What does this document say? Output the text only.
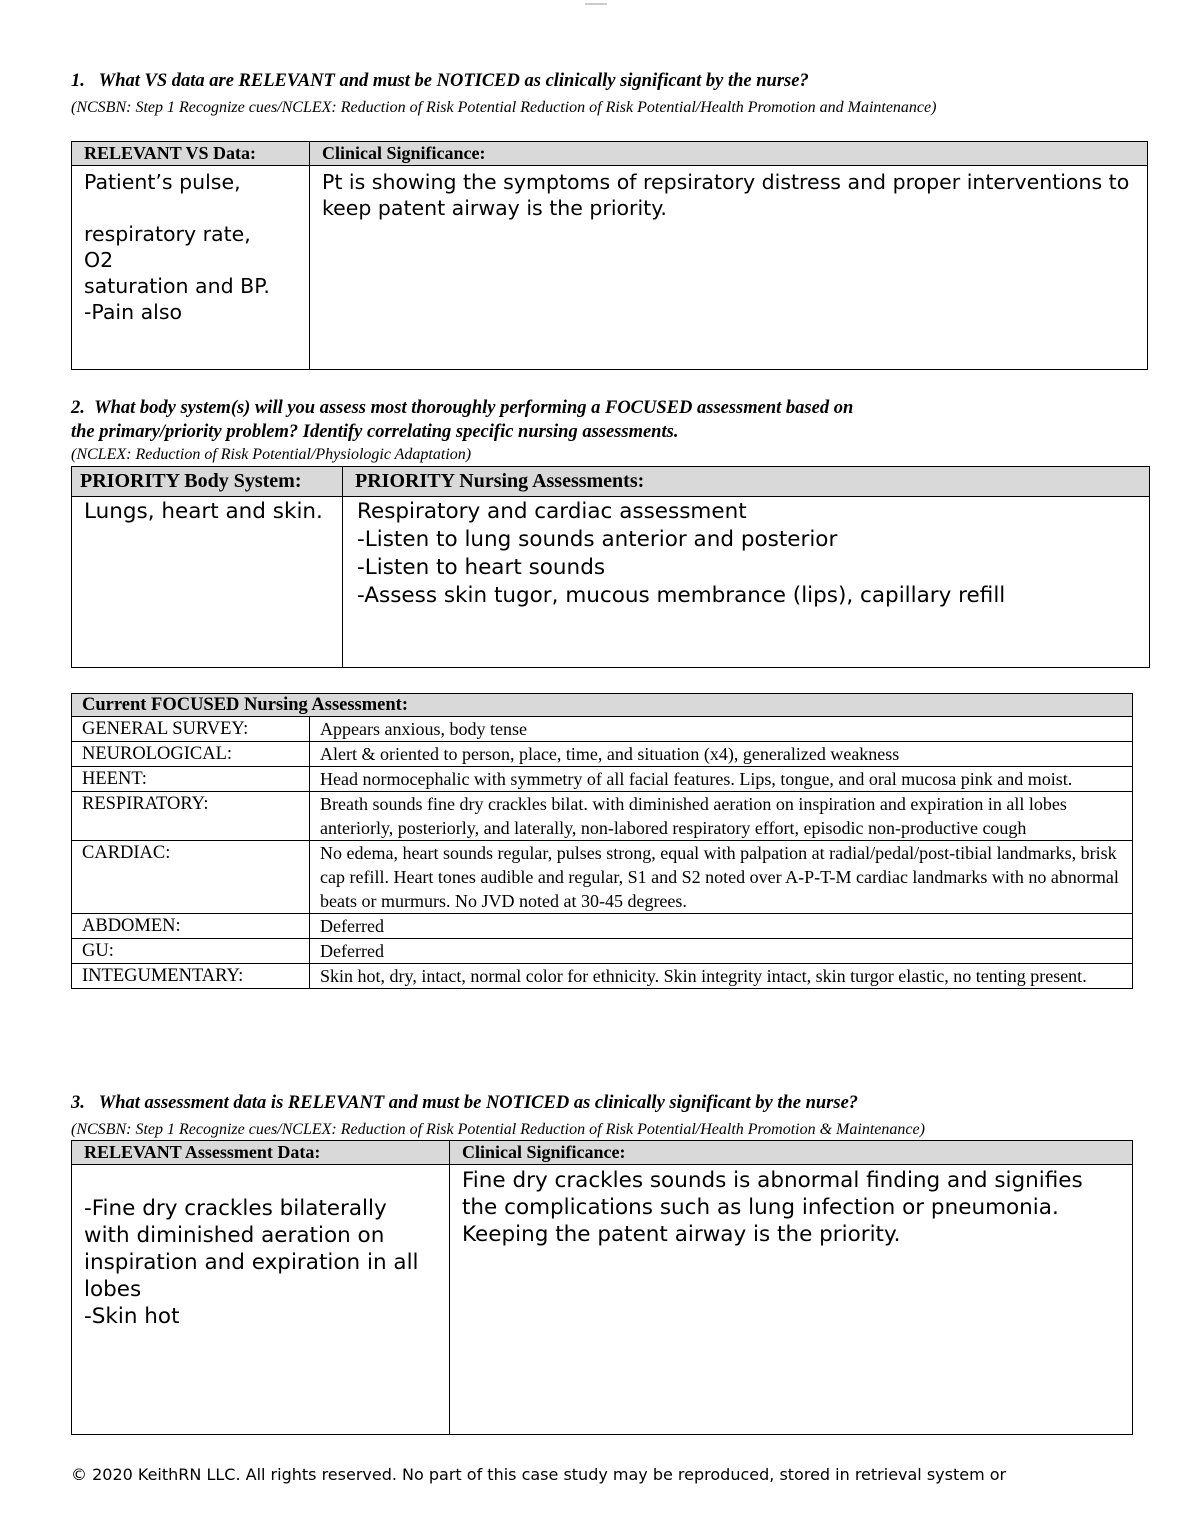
1.   What VS data are RELEVANT and must be NOTICED as clinically significant by the nurse?
(NCSBN: Step 1 Recognize cues/NCLEX: Reduction of Risk Potential Reduction of Risk Potential/Health Promotion and Maintenance)
RELEVANT VS Data:	Clinical Significance:
Patient’s pulse,

respiratory rate,
O2
saturation and BP.
-Pain also	Pt is showing the symptoms of repsiratory distress and proper interventions to
keep patent airway is the priority.
2.  What body system(s) will you assess most thoroughly performing a FOCUSED assessment based on
the primary/priority problem? Identify correlating specific nursing assessments.
(NCLEX: Reduction of Risk Potential/Physiologic Adaptation)
PRIORITY Body System:	PRIORITY Nursing Assessments:
Lungs, heart and skin.	Respiratory and cardiac assessment
-Listen to lung sounds anterior and posterior
-Listen to heart sounds
-Assess skin tugor, mucous membrance (lips), capillary refill
Current FOCUSED Nursing Assessment:	
GENERAL SURVEY:	Appears anxious, body tense
NEUROLOGICAL:	Alert & oriented to person, place, time, and situation (x4), generalized weakness
HEENT:	Head normocephalic with symmetry of all facial features. Lips, tongue, and oral mucosa pink and moist.
RESPIRATORY:	Breath sounds fine dry crackles bilat. with diminished aeration on inspiration and expiration in all lobes anteriorly, posteriorly, and laterally, non-labored respiratory effort, episodic non-productive cough
CARDIAC:	No edema, heart sounds regular, pulses strong, equal with palpation at radial/pedal/post-tibial landmarks, brisk cap refill. Heart tones audible and regular, S1 and S2 noted over A-P-T-M cardiac landmarks with no abnormal beats or murmurs. No JVD noted at 30-45 degrees.
ABDOMEN:	Deferred
GU:	Deferred
INTEGUMENTARY:	Skin hot, dry, intact, normal color for ethnicity. Skin integrity intact, skin turgor elastic, no tenting present.
3.   What assessment data is RELEVANT and must be NOTICED as clinically significant by the nurse?
(NCSBN: Step 1 Recognize cues/NCLEX: Reduction of Risk Potential Reduction of Risk Potential/Health Promotion & Maintenance)
RELEVANT Assessment Data:	Clinical Significance:
-Fine dry crackles bilaterally with diminished aeration on inspiration and expiration in all lobes
-Skin hot	Fine dry crackles sounds is abnormal finding and signifies the complications such as lung infection or pneumonia.
Keeping the patent airway is the priority.
© 2020 KeithRN LLC. All rights reserved. No part of this case study may be reproduced, stored in retrieval system or
